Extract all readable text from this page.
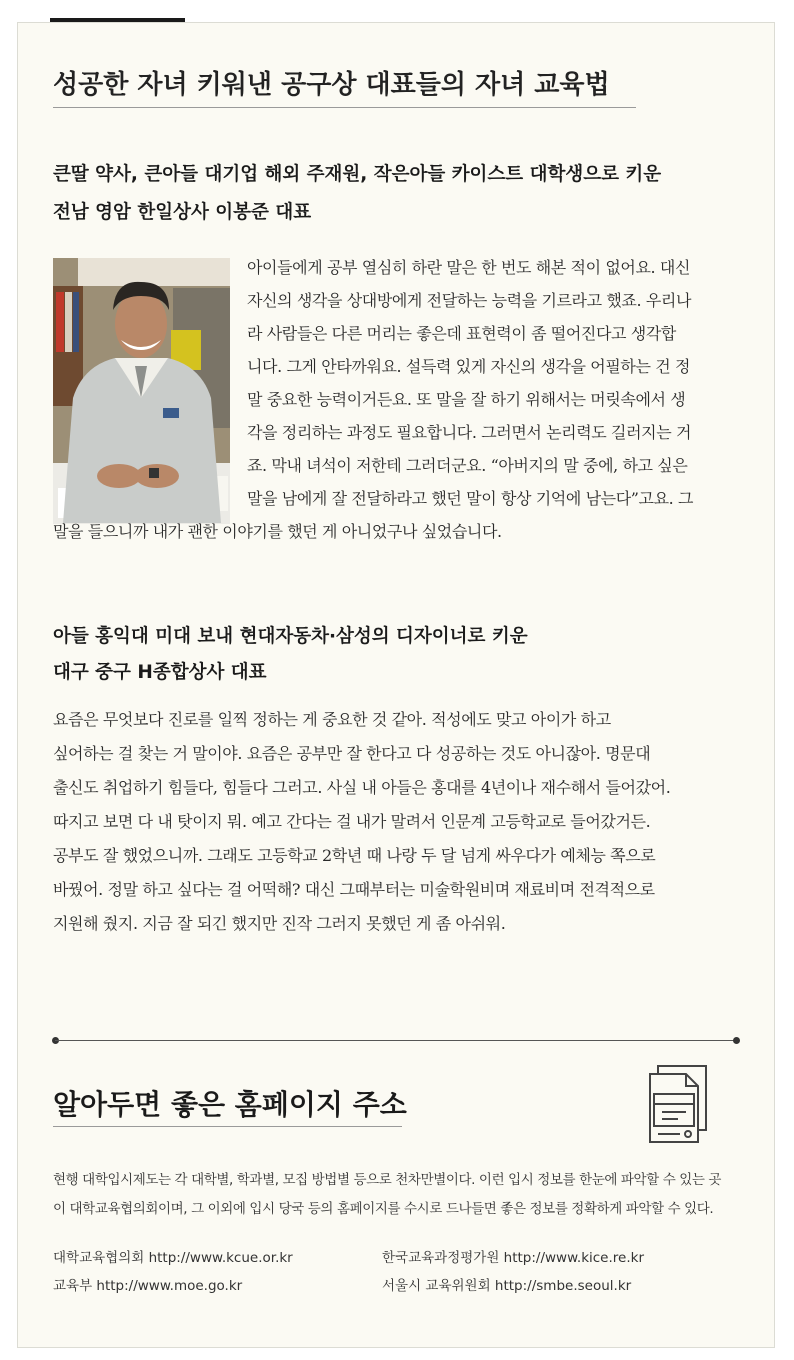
성공한 자녀 키워낸 공구상 대표들의 자녀 교육법
큰딸 약사, 큰아들 대기업 해외 주재원, 작은아들 카이스트 대학생으로 키운
전남 영암 한일상사 이봉준 대표

아이들에게 공부 열심히 하란 말은 한 번도 해본 적이 없어요. 대신

자신의 생각을 상대방에게 전달하는 능력을 기르라고 했죠. 우리나

라 사람들은 다른 머리는 좋은데 표현력이 좀 떨어진다고 생각합

니다. 그게 안타까워요. 설득력 있게 자신의 생각을 어필하는 건 정

말 중요한 능력이거든요. 또 말을 잘 하기 위해서는 머릿속에서 생

각을 정리하는 과정도 필요합니다. 그러면서 논리력도 길러지는 거

죠. 막내 녀석이 저한테 그러더군요. “아버지의 말 중에, 하고 싶은

말을 남에게 잘 전달하라고 했던 말이 항상 기억에 남는다”고요. 그

말을 들으니까 내가 괜한 이야기를 했던 게 아니었구나 싶었습니다.

아들 홍익대 미대 보내 현대자동차·삼성의 디자이너로 키운
대구 중구 H종합상사 대표

요즘은 무엇보다 진로를 일찍 정하는 게 중요한 것 같아. 적성에도 맞고 아이가 하고

싶어하는 걸 찾는 거 말이야. 요즘은 공부만 잘 한다고 다 성공하는 것도 아니잖아. 명문대

출신도 취업하기 힘들다, 힘들다 그러고. 사실 내 아들은 홍대를 4년이나 재수해서 들어갔어.

따지고 보면 다 내 탓이지 뭐. 예고 간다는 걸 내가 말려서 인문계 고등학교로 들어갔거든.

공부도 잘 했었으니까. 그래도 고등학교 2학년 때 나랑 두 달 넘게 싸우다가 예체능 쪽으로

바꿨어. 정말 하고 싶다는 걸 어떡해? 대신 그때부터는 미술학원비며 재료비며 전격적으로

지원해 줬지. 지금 잘 되긴 했지만 진작 그러지 못했던 게 좀 아쉬워.

알아두면 좋은 홈페이지 주소

현행 대학입시제도는 각 대학별, 학과별, 모집 방법별 등으로 천차만별이다. 이런 입시 정보를 한눈에 파악할 수 있는 곳

이 대학교육협의회이며, 그 이외에 입시 당국 등의 홈페이지를 수시로 드나들면 좋은 정보를 정확하게 파악할 수 있다.

대학교육협의회 http://www.kcue.or.kr	한국교육과정평가원 http://www.kice.re.kr

교육부 http://www.moe.go.kr	서울시 교육위원회 http://smbe.seoul.kr
